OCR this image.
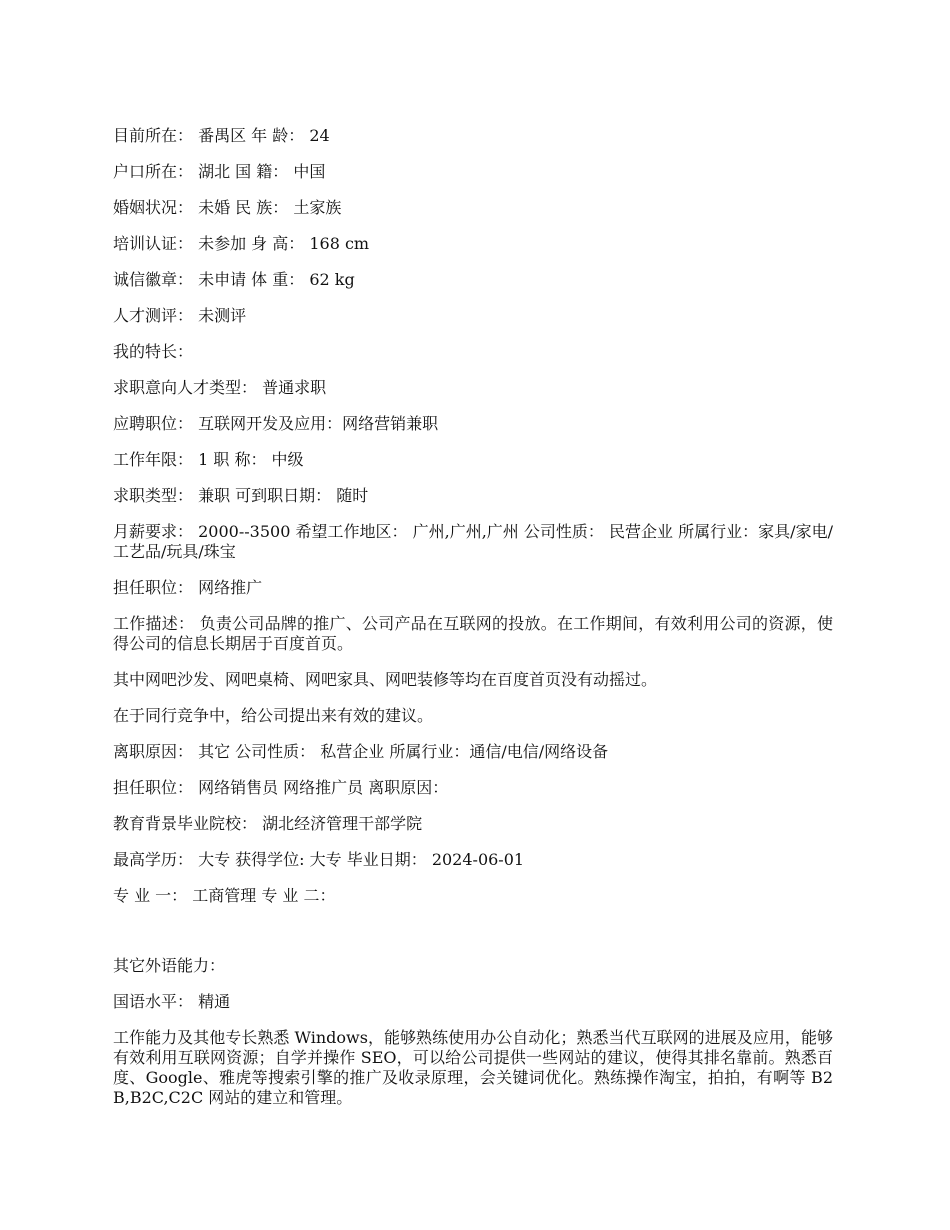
目前所在： 番禺区 年 龄： 24

户口所在： 湖北 国 籍： 中国

婚姻状况： 未婚 民 族： 土家族

培训认证： 未参加 身 高： 168 cm

诚信徽章： 未申请 体 重： 62 kg

人才测评： 未测评

我的特长：

求职意向人才类型： 普通求职

应聘职位： 互联网开发及应用：网络营销兼职

工作年限： 1 职 称： 中级

求职类型： 兼职 可到职日期： 随时

月薪要求： 2000--3500 希望工作地区： 广州,广州,广州 公司性质： 民营企业 所属行业：家具/家电/工艺品/玩具/珠宝

担任职位： 网络推广

工作描述： 负责公司品牌的推广、公司产品在互联网的投放。在工作期间，有效利用公司的资源，使得公司的信息长期居于百度首页。

其中网吧沙发、网吧桌椅、网吧家具、网吧装修等均在百度首页没有动摇过。

在于同行竞争中，给公司提出来有效的建议。

离职原因： 其它 公司性质： 私营企业 所属行业：通信/电信/网络设备

担任职位： 网络销售员 网络推广员 离职原因：

教育背景毕业院校： 湖北经济管理干部学院

最高学历： 大专 获得学位: 大专 毕业日期： 2024-06-01

专 业 一： 工商管理 专 业 二：

其它外语能力：

国语水平： 精通

工作能力及其他专长熟悉 Windows，能够熟练使用办公自动化；熟悉当代互联网的进展及应用，能够有效利用互联网资源；自学并操作 SEO，可以给公司提供一些网站的建议，使得其排名靠前。熟悉百度、Google、雅虎等搜索引擎的推广及收录原理，会关键词优化。熟练操作淘宝，拍拍，有啊等 B2B,B2C,C2C 网站的建立和管理。
